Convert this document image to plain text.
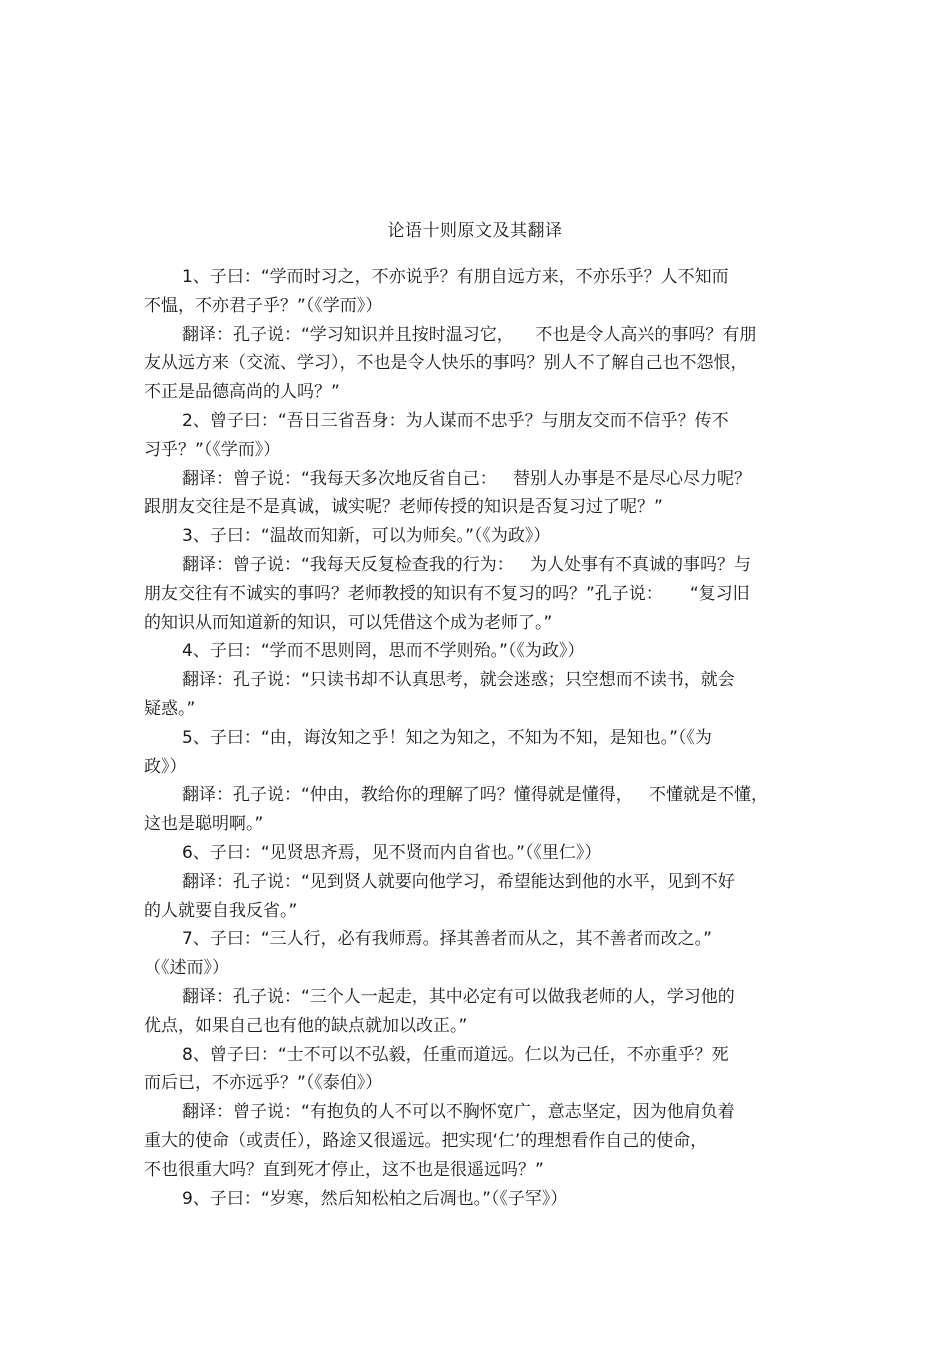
论语十则原文及其翻译
1、子曰：“学而时习之，不亦说乎？有朋自远方来，不亦乐乎？人不知而
不愠，不亦君子乎？”（《学而》）
翻译：孔子说：“学习知识并且按时温习它，    不也是令人高兴的事吗？有朋
友从远方来（交流、学习），不也是令人快乐的事吗？别人不了解自己也不怨恨，
不正是品德高尚的人吗？”
2、曾子曰：“吾日三省吾身：为人谋而不忠乎？与朋友交而不信乎？传不
习乎？”（《学而》）
翻译：曾子说：“我每天多次地反省自己：   替别人办事是不是尽心尽力呢？
跟朋友交往是不是真诚，诚实呢？老师传授的知识是否复习过了呢？”
3、子曰：“温故而知新，可以为师矣。”（《为政》）
翻译：曾子说：“我每天反复检查我的行为：   为人处事有不真诚的事吗？与
朋友交往有不诚实的事吗？老师教授的知识有不复习的吗？”孔子说：     “复习旧
的知识从而知道新的知识，可以凭借这个成为老师了。”
4、子曰：“学而不思则罔，思而不学则殆。”（《为政》）
翻译：孔子说：“只读书却不认真思考，就会迷惑；只空想而不读书，就会
疑惑。”
5、子曰：“由，诲汝知之乎！知之为知之，不知为不知，是知也。”（《为
政》）
翻译：孔子说：“仲由，教给你的理解了吗？懂得就是懂得，   不懂就是不懂，
这也是聪明啊。”
6、子曰：“见贤思齐焉，见不贤而内自省也。”（《里仁》）
翻译：孔子说：“见到贤人就要向他学习，希望能达到他的水平，见到不好
的人就要自我反省。”
7、子曰：“三人行，必有我师焉。择其善者而从之，其不善者而改之。”
（《述而》）
翻译：孔子说：“三个人一起走，其中必定有可以做我老师的人，学习他的
优点，如果自己也有他的缺点就加以改正。”
8、曾子曰：“士不可以不弘毅，任重而道远。仁以为己任，不亦重乎？死
而后已，不亦远乎？”（《泰伯》）
翻译：曾子说：“有抱负的人不可以不胸怀宽广，意志坚定，因为他肩负着
重大的使命（或责任），路途又很遥远。把实现‘仁’的理想看作自己的使命，
不也很重大吗？直到死才停止，这不也是很遥远吗？”
9、子曰：“岁寒，然后知松柏之后凋也。”（《子罕》）
